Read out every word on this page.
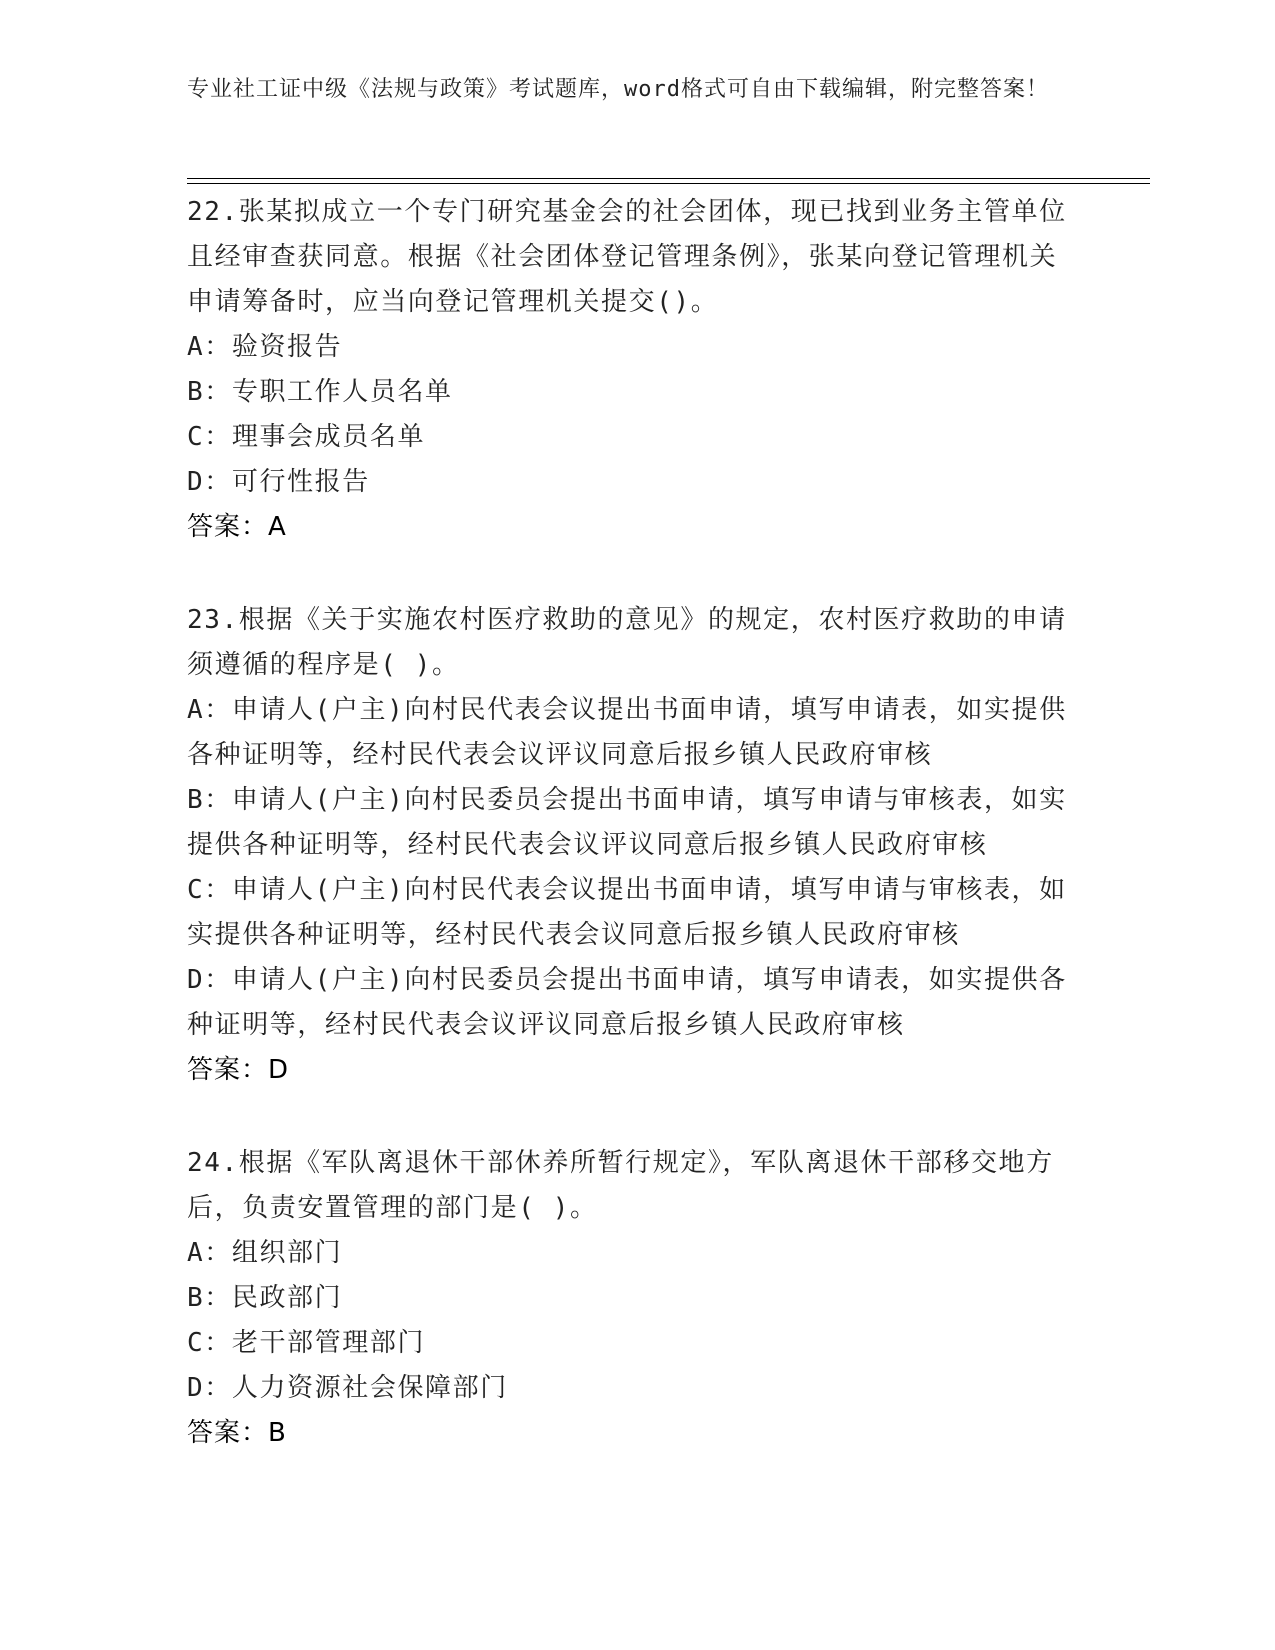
专业社工证中级《法规与政策》考试题库，word格式可自由下载编辑，附完整答案！

22.张某拟成立一个专门研究基金会的社会团体，现已找到业务主管单位且经审查获同意。根据《社会团体登记管理条例》，张某向登记管理机关申请筹备时，应当向登记管理机关提交()。

A：验资报告

B：专职工作人员名单

C：理事会成员名单

D：可行性报告

答案：A

23.根据《关于实施农村医疗救助的意见》的规定，农村医疗救助的申请须遵循的程序是( )。

A：申请人(户主)向村民代表会议提出书面申请，填写申请表，如实提供各种证明等，经村民代表会议评议同意后报乡镇人民政府审核

B：申请人(户主)向村民委员会提出书面申请，填写申请与审核表，如实提供各种证明等，经村民代表会议评议同意后报乡镇人民政府审核

C：申请人(户主)向村民代表会议提出书面申请，填写申请与审核表，如实提供各种证明等，经村民代表会议同意后报乡镇人民政府审核

D：申请人(户主)向村民委员会提出书面申请，填写申请表，如实提供各种证明等，经村民代表会议评议同意后报乡镇人民政府审核

答案：D

24.根据《军队离退休干部休养所暂行规定》，军队离退休干部移交地方后，负责安置管理的部门是( )。

A：组织部门

B：民政部门

C：老干部管理部门

D：人力资源社会保障部门

答案：B
